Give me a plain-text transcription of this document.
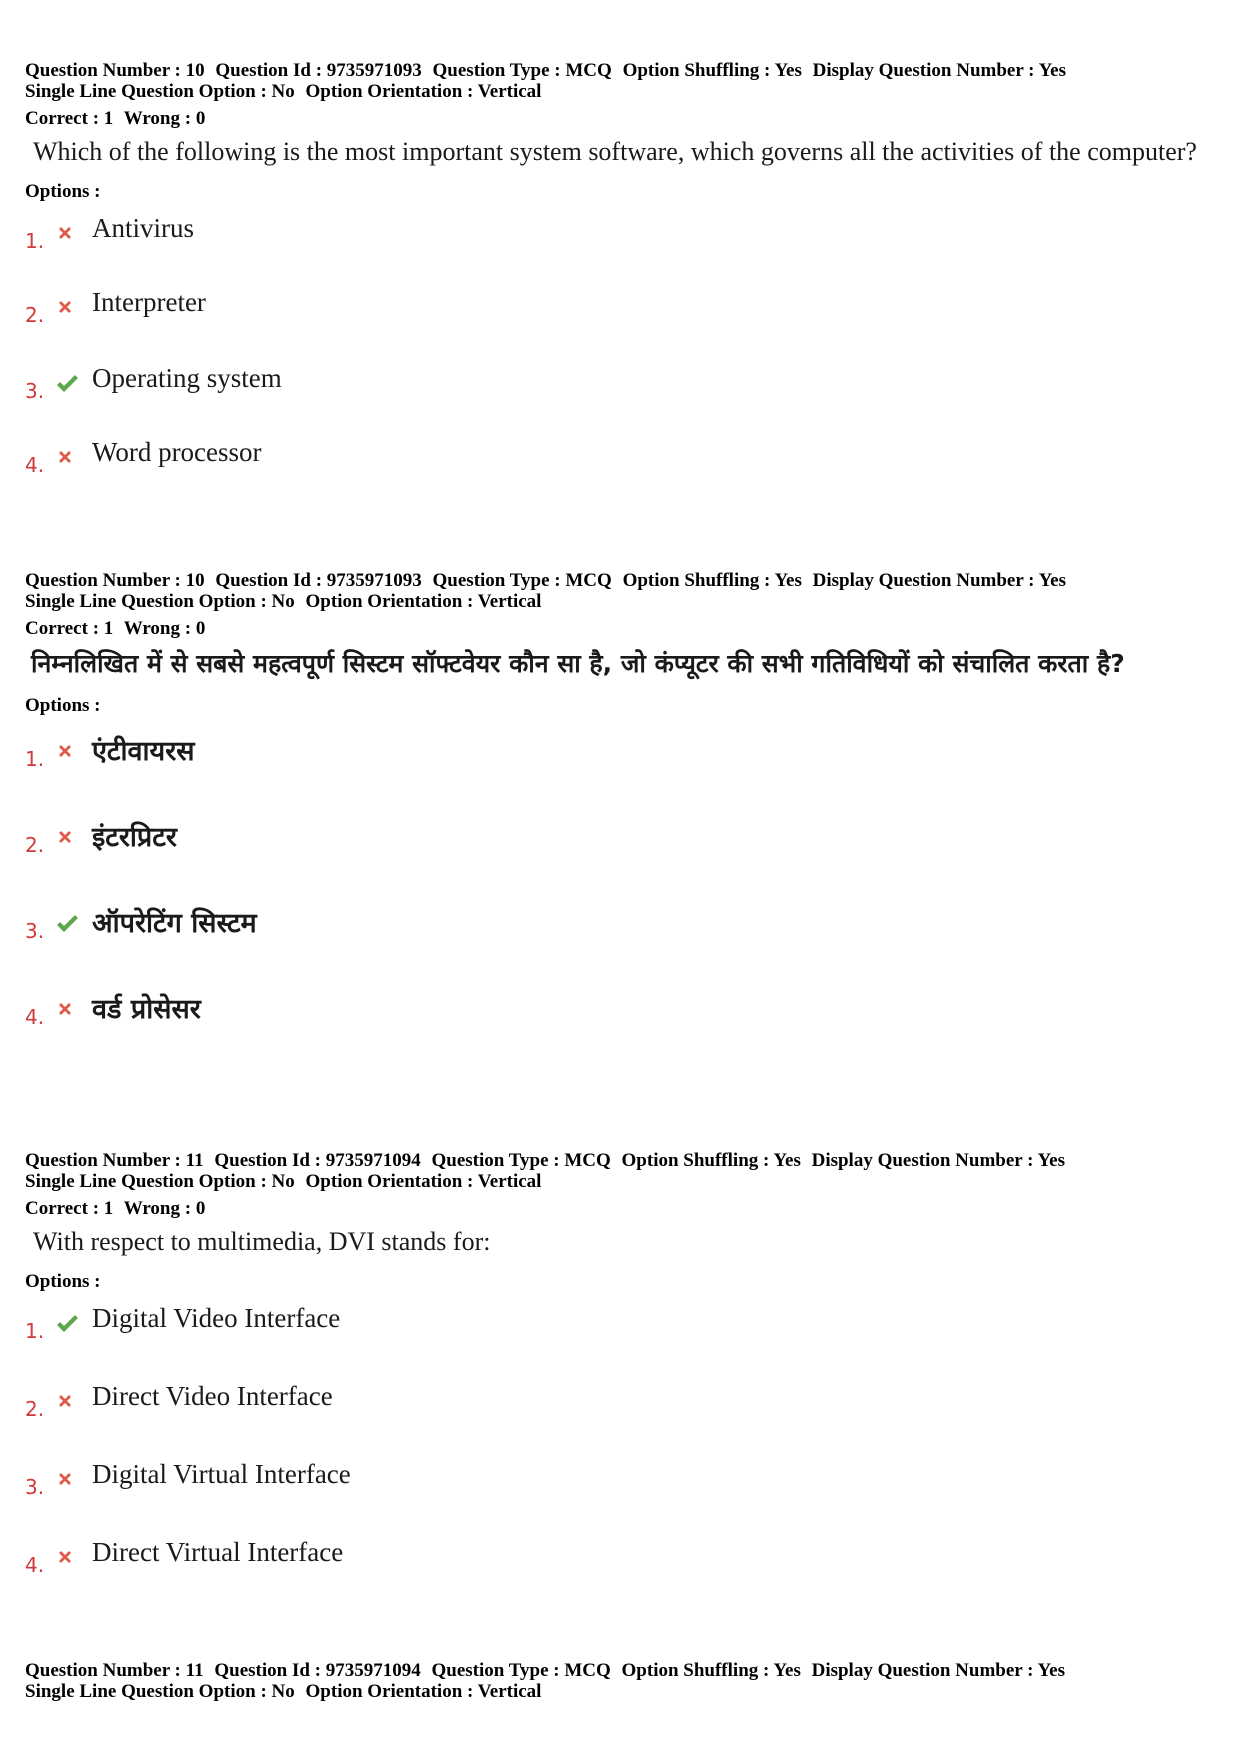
Question Number : 10 Question Id : 9735971093 Question Type : MCQ Option Shuffling : Yes Display Question Number : Yes
Single Line Question Option : No Option Orientation : Vertical
Correct : 1 Wrong : 0
Which of the following is the most important system software, which governs all the activities of the computer?
Options :
1. Antivirus
2. Interpreter
3. Operating system
4. Word processor
Question Number : 10 Question Id : 9735971093 Question Type : MCQ Option Shuffling : Yes Display Question Number : Yes
Single Line Question Option : No Option Orientation : Vertical
Correct : 1 Wrong : 0
निम्नलिखित में से सबसे महत्वपूर्ण सिस्टम सॉफ्टवेयर कौन सा है, जो कंप्यूटर की सभी गतिविधियों को संचालित करता है?
Options :
1. एंटीवायरस
2. इंटरप्रिटर
3. ऑपरेटिंग सिस्टम
4. वर्ड प्रोसेसर
Question Number : 11 Question Id : 9735971094 Question Type : MCQ Option Shuffling : Yes Display Question Number : Yes
Single Line Question Option : No Option Orientation : Vertical
Correct : 1 Wrong : 0
With respect to multimedia, DVI stands for:
Options :
1. Digital Video Interface
2. Direct Video Interface
3. Digital Virtual Interface
4. Direct Virtual Interface
Question Number : 11 Question Id : 9735971094 Question Type : MCQ Option Shuffling : Yes Display Question Number : Yes
Single Line Question Option : No Option Orientation : Vertical
